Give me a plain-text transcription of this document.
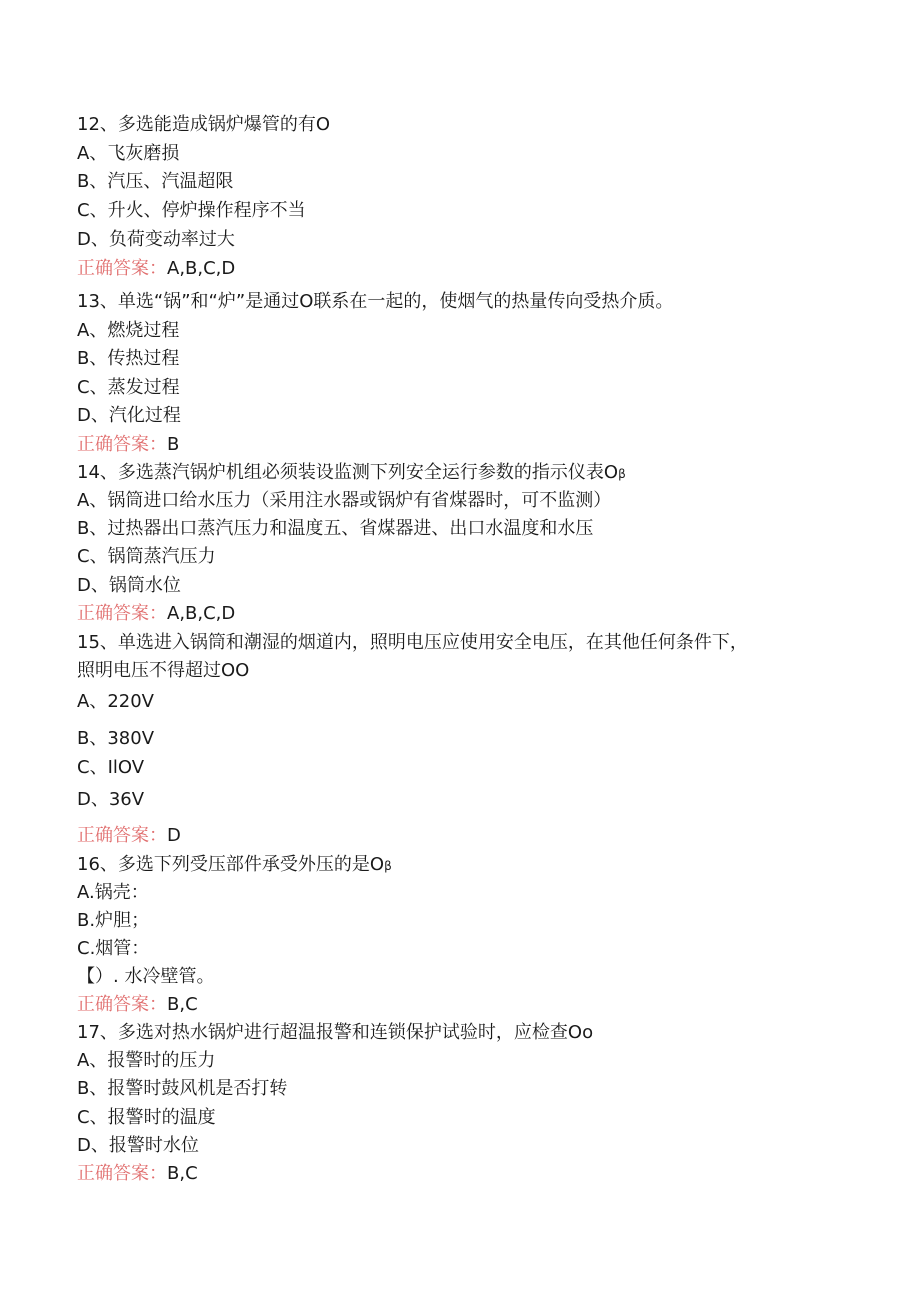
12、多选能造成锅炉爆管的有O
A、飞灰磨损
B、汽压、汽温超限
C、升火、停炉操作程序不当
D、负荷变动率过大
正确答案：A,B,C,D
13、单选“锅”和“炉”是通过O联系在一起的，使烟气的热量传向受热介质。
A、燃烧过程
B、传热过程
C、蒸发过程
D、汽化过程
正确答案：B
14、多选蒸汽锅炉机组必须装设监测下列安全运行参数的指示仪表Oβ
A、锅筒进口给水压力（采用注水器或锅炉有省煤器时，可不监测）
B、过热器出口蒸汽压力和温度五、省煤器进、出口水温度和水压
C、锅筒蒸汽压力
D、锅筒水位
正确答案：A,B,C,D
15、单选进入锅筒和潮湿的烟道内，照明电压应使用安全电压，在其他任何条件下，
照明电压不得超过OO
A、220V
B、380V
C、IlOV
D、36V
正确答案：D
16、多选下列受压部件承受外压的是Oβ
A.锅壳：
B.炉胆；
C.烟管：
【）. 水冷壁管。
正确答案：B,C
17、多选对热水锅炉进行超温报警和连锁保护试验时，应检查Oo
A、报警时的压力
B、报警时鼓风机是否打转
C、报警时的温度
D、报警时水位
正确答案：B,C
